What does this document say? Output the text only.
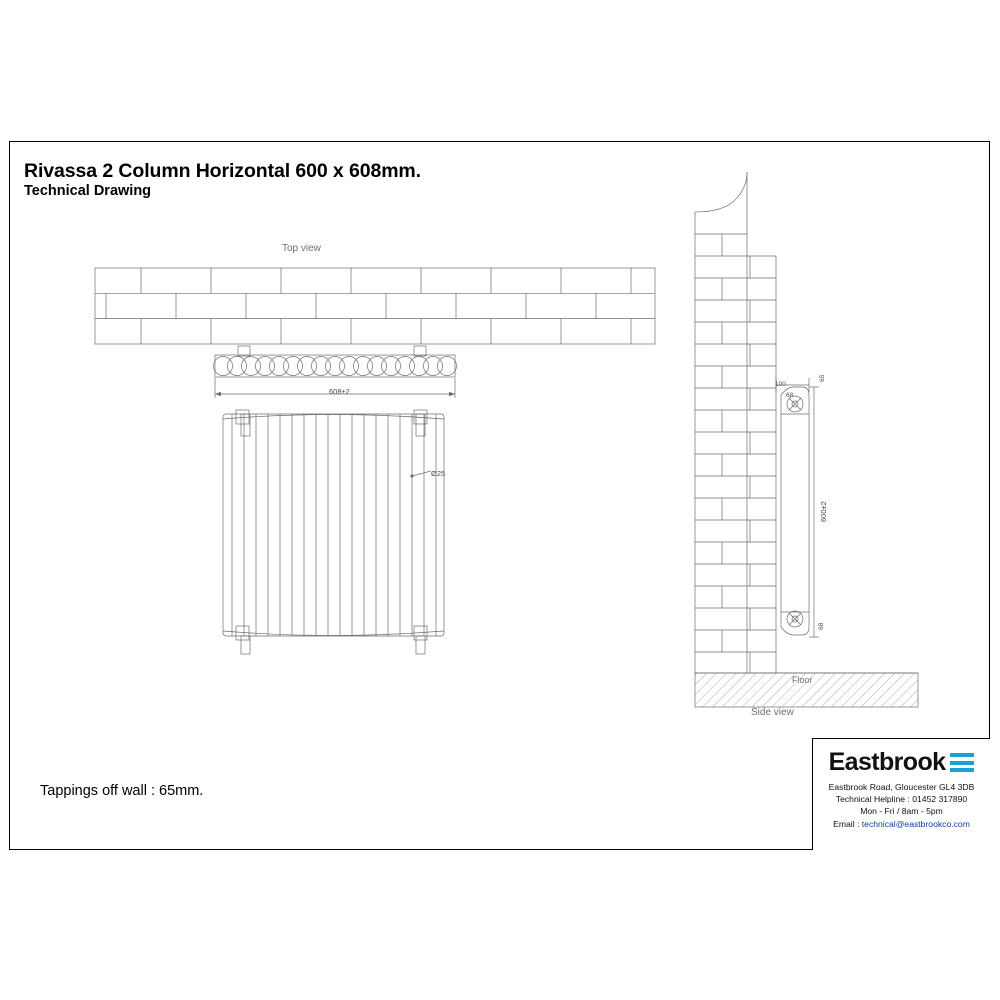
Rivassa 2 Column Horizontal 600 x 608mm.
Technical Drawing
Tappings off wall : 65mm.
Top view
Side view
608±2
Ø25
100
68
65
600±2
68
Eastbrook
Eastbrook Road, Gloucester GL4 3DB
Technical Helpline : 01452 317890
Mon - Fri / 8am - 5pm
Email : technical@eastbrookco.com
